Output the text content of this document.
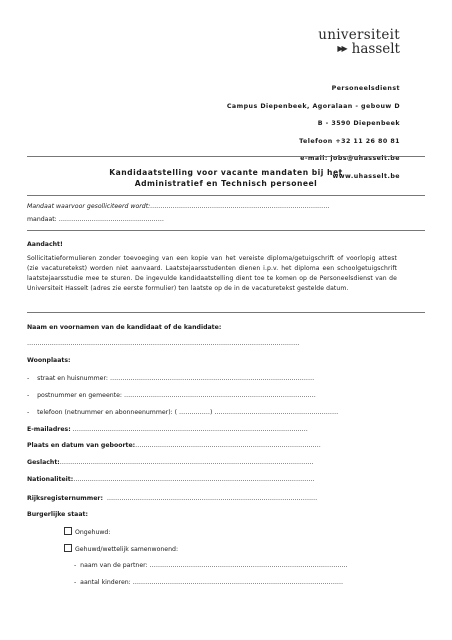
universiteit
▶▶ hasselt
Personeelsdienst
Campus Diepenbeek, Agoralaan - gebouw D
B - 3590 Diepenbeek
Telefoon +32 11 26 80 81
e-mail: jobs@uhasselt.be
www.uhasselt.be
Kandidaatstelling voor vacante mandaten bij het
Administratief en Technisch personeel
Mandaat waarvoor gesolliciteerd wordt:……………………………………………………………………………
mandaat: ……………………………………………
Aandacht!
Sollicitatieformulieren zonder toevoeging van een kopie van het vereiste diploma/getuigschrift of voorlopig attest (zie vacaturetekst) worden niet aanvaard. Laatstejaarsstudenten dienen i.p.v. het diploma een schoolgetuigschrift laatstejaarsstudie mee te sturen. De ingevulde kandidaatstelling dient toe te komen op de Personeelsdienst van de Universiteit Hasselt (adres zie eerste formulier) ten laatste op de in de vacaturetekst gestelde datum.
Naam en voornamen van de kandidaat of de kandidate:
……………………………………………………………………………………………………………………
Woonplaats:
-    straat en huisnummer: ………………………………………………………………………………………
-    postnummer en gemeente: …………………………………………………………………………………
-    telefoon (netnummer en abonneenummer): ( ……………) ……………………………………………………
E-mailadres: ……………………………………………………………………………………………………
Plaats en datum van geboorte:………………………………………………………………………………
Geslacht:……………………………………………………………………………………………………………
Nationaliteit:………………………………………………………………………………………………………
Rijksregisternummer: …………………………………………………………………………………………
Burgerlijke staat:
Ongehuwd:
Gehuwd/wettelijk samenwonend:
-  naam van de partner: ……………………………………………………………………………………
-  aantal kinderen: …………………………………………………………………………………………
